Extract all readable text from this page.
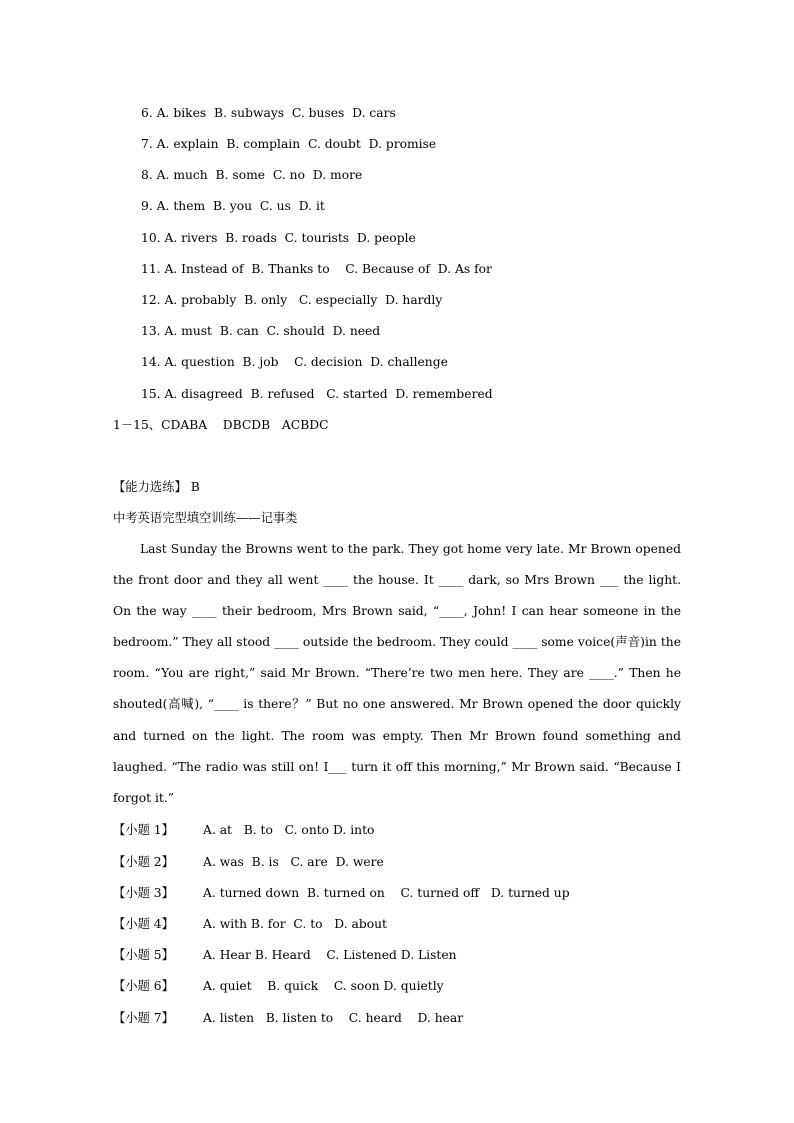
6. A. bikes  B. subways  C. buses  D. cars
7. A. explain  B. complain  C. doubt  D. promise
8. A. much  B. some  C. no  D. more
9. A. them  B. you  C. us  D. it
10. A. rivers  B. roads  C. tourists  D. people
11. A. Instead of  B. Thanks to    C. Because of  D. As for
12. A. probably  B. only   C. especially  D. hardly
13. A. must  B. can  C. should  D. need
14. A. question  B. job    C. decision  D. challenge
15. A. disagreed  B. refused   C. started  D. remembered
1－15、CDABA    DBCDB   ACBDC
【能力选练】 B
中考英语完型填空训练——记事类
Last Sunday the Browns went to the park. They got home very late. Mr Brown opened the front door and they all went ____ the house. It ____ dark, so Mrs Brown ___ the light. On the way ____ their bedroom, Mrs Brown said, “____, John! I can hear someone in the bedroom.” They all stood ____ outside the bedroom. They could ____ some voice(声音)in the room. “You are right,” said Mr Brown. “There’re two men here. They are ____.” Then he shouted(高喊), “____ is there？” But no one answered. Mr Brown opened the door quickly and turned on the light. The room was empty. Then Mr Brown found something and laughed. “The radio was still on! I___ turn it off this morning,” Mr Brown said. “Because I forgot it.”
【小题 1】 A. at   B. to   C. onto D. into
【小题 2】 A. was  B. is   C. are  D. were
【小题 3】 A. turned down  B. turned on    C. turned off   D. turned up
【小题 4】 A. with B. for  C. to   D. about
【小题 5】 A. Hear B. Heard    C. Listened D. Listen
【小题 6】 A. quiet    B. quick    C. soon D. quietly
【小题 7】 A. listen   B. listen to    C. heard    D. hear
